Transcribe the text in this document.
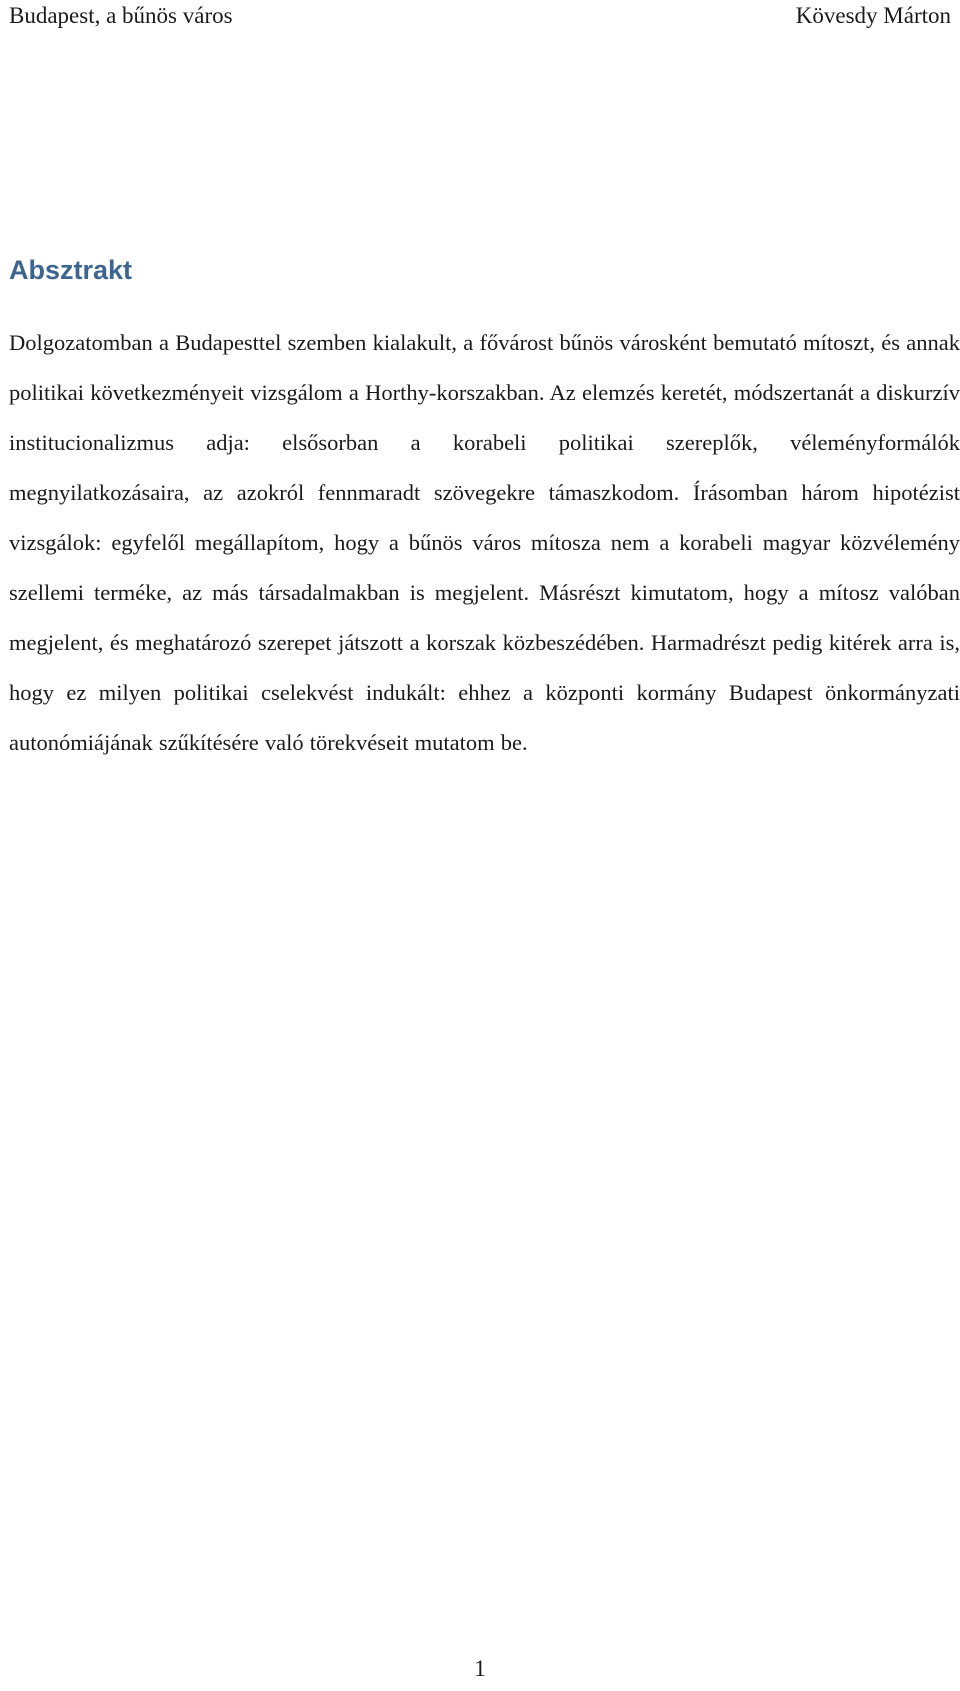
Budapest, a bűnös város	Kövesdy Márton
Absztrakt

Dolgozatomban a Budapesttel szemben kialakult, a fővárost bűnös városként bemutató mítoszt, és annak politikai következményeit vizsgálom a Horthy-korszakban. Az elemzés keretét, módszertanát a diskurzív institucionalizmus adja: elsősorban a korabeli politikai szereplők, véleményformálók megnyilatkozásaira, az azokról fennmaradt szövegekre támaszkodom. Írásomban három hipotézist vizsgálok: egyfelől megállapítom, hogy a bűnös város mítosza nem a korabeli magyar közvélemény szellemi terméke, az más társadalmakban is megjelent. Másrészt kimutatom, hogy a mítosz valóban megjelent, és meghatározó szerepet játszott a korszak közbeszédében. Harmadrészt pedig kitérek arra is, hogy ez milyen politikai cselekvést indukált: ehhez a központi kormány Budapest önkormányzati autonómiájának szűkítésére való törekvéseit mutatom be.

1
